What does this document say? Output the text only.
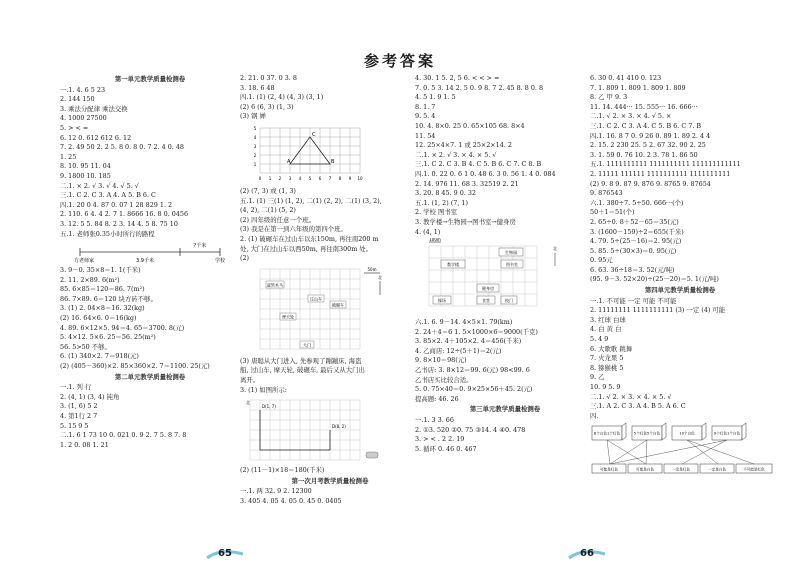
参考答案
第一单元教学质量检测卷
一.1. 4. 6 5 23
2. 144 150
3. 乘法分配律 乘法交换
4. 1000 27500
5. > < =
6. 12 0. 612 612 6. 12
7. 2. 49 50 2. 2 5. 8 0. 8 0. 7 2. 4 0. 48
1. 25
8. 10. 95 11. 04
9. 1800 10. 185
二.1. × 2. √ 3. √ 4. √ 5. √
三.1. C 2. C 3. A 4. A 5. B 6. C
四.1. 20 0 4. 87 0. 07 1 28 829 1. 2
2. 110. 6 4. 4 2. 7 1. 8666 16. 8 0. 0456
3. 12. 5 5. 84 8. 2 3. 14 4. 5 8. 75 10
五.1. 老师张0.35小时所行的路程
?千米
方老师家	学校
3.9千米
3. 9－0. 35×8＝1. 1(千米)
2. 11. 2×89. 6(m²)
85. 6×85＝120＝86. 7(m²)
86. 7×89. 6＝120 块方砖不够。
3. (1) 2. 04×8＝16. 32(kg)
(2) 16. 64×6. 0＝16(kg)
4. 89. 6×12×5. 94＝4. 65＝3700. 8(元)
5. 4×12. 5×6. 25＝56. 25(m²)
56. 5>50 不够。
6. (1) 340×2. 7＝918(元)
(2) (405－360)×2. 85×360×2. 7＝1100. 25(元)
第二单元教学质量检测卷
一.1. 列 行
2. (4, 1) (3, 4) 钝角
3. (1, 6) 5 2
4. 第1行 2 7
5. 15 9 5
二.1. 6 1 73 10 0. 021 0. 9 2. 7 5. 8 7. 8
1. 2 0. 08 1. 21
2. 21. 0 37. 0 3. 8
3. 18. 6 48
四.1. (1) (2, 4) (4, 3) (3, 1)
(2) 6 (6, 3) (1, 3)
(3) 钢 婵
A	B
C
0 1 2 3 4 5 6 7 8 9 10
1
2
3
4
5
(2) (7, 3) 或 (1, 3)
五.1. (1) 三(1) (1, 2), 二(1) (2, 2), 二(1) (3, 2),
(4, 2), 二(1) (5, 2)
(2) 四年级的任意一个班。
(3) 我是在第一到六年级的第四个班。
2. (1) 破碾车在过山车以东150m, 再往南200 m
处, 大门在过山车以西50m, 再往南300m 处。
(2)
旋转木马
过山车
破碾车
摩天轮
大门
50m
北
(3) 唐聪从大门进入, 先参观了蹦蹦床, 海盗
船, 过山车, 摩天轮, 破碾车, 最后又从大门出
离开。
3. (1) 如图所示:
D(1, 7)
D(8, 2)
北
(2) (11－1)×18＝180(千米)
第一次月考教学质量检测卷
一.1. 两 32. 9 2. 12300
3. 405 4. 05 4. 05 0. 45 0. 0405
4. 30. 1 5. 2, 5 6. < < > =
7. 0. 5 3. 14 2. 5 0. 9 8. 7 2. 45 8. 8 0. 8
4. 5 1. 9 1. 5
8. 1. 7
9. 5. 4
10. 4. 8×0. 25 0. 65×105 68. 8×4
11. 54
12. 25×4×7. 1 或 25×2×14. 2
二.1. × 2. √ 3. × 4. × 5. √
三.1. C 2. C 3. B 4. C 5. B 6. C 7. C 8. B
四.1. 0. 22 0. 6 1 0. 48 6. 3 0. 56 1. 4 0. 084
2. 14. 976 11. 68 3. 32519 2. 21
3. 20. 8 45. 9 0. 32
五.1. (1, 2) (7, 1)
2. 学校 图书室
3. 教学楼→生物园→图书室→健身房
4. (4, 1)
100m
北
生物园
教学楼	图书室
健身房
食堂	校门
操场
六.1. 6. 9－14. 4×5×1. 79(km)
2. 24＋4＝6 1. 5×1000×6＝9000(千克)
3. 85×2. 4＋105×2. 4＝456(千米)
4. 乙商店: 12÷(5＋1)＝2(元)
9. 8×10＝98(元)
乙书店: 3. 8×12＝99. 6(元) 98<99. 6
乙书店买比较合适。
5. 0. 75×40＝0. 9×25×56＋45. 2(元)
提高题: 46. 26
第三单元教学质量检测卷
一.1. 3 3. 66
2. ①3. 520 ②0. 75 ③14. 4 ④0. 478
3. > < . 2 2. 19
5. 循环 0. 46 0. 467
6. 30 0. 41 410 0. 123
7. 1. 809 1. 809 1. 809 1. 809
8. 乙 甲 9. 3
11. 14. 444··· 15. 555··· 16. 666···
二.1. √ 2. × 3. × 4. √ 5. ×
三.1. C 2. C 3. A 4. C 5. B 6. C 7. B
四.1. 16. 8 7 0. 9 26 0. 89 1. 89 2. 4 4
2. 15. 2 230 25. 5 2. 67 32. 90 2. 25
3. 1. 59 0. 76 10. 2 3. 78 1. 86 50
五.1. 1111111111 1111111111 111111111111
2. 11111 111111 1111111111 1111111111
(2) 9. 8 9. 87 9. 876 9. 8765 9. 87654
9. 876543
六.1. 380÷7. 5÷50. 666···(个)
50＋1＝51(个)
2. 65÷0. 8＋52－65＝35(元)
3. (1600－159)÷2＝655(千米)
4. 79. 5÷(25－16)＝2. 95(元)
5. 85. 5÷(30×3)＝0. 95(元)
0. 95元
6. 63. 36÷18＝3. 52(元/吨)
(95. 9－3. 52×20)÷(25－20)＝5. 1(元/吨)
第四单元教学质量检测卷
一.1. 不可能 一定 可能 不可能
2. 11111111 1111111111 (3) 一定 (4) 可能
3. 红球 白球
4. 白 黄 白
5. 4 9
6. 大歌歌 跳舞
7. 火龙果 5
8. 猕猴桃 5
9. 乙
10. 9 5. 9
二.1. √ 2. × 3. × 4. × 5. √
三.1. A 2. C 3. A 4. B 5. A 6. C
四.
8个白色1个红色	5个红色5个白色	10个白色	9个红色1个白色
可能是红色	可能是白色	一定是红色	一定是白色	不可能是红色
65	66
